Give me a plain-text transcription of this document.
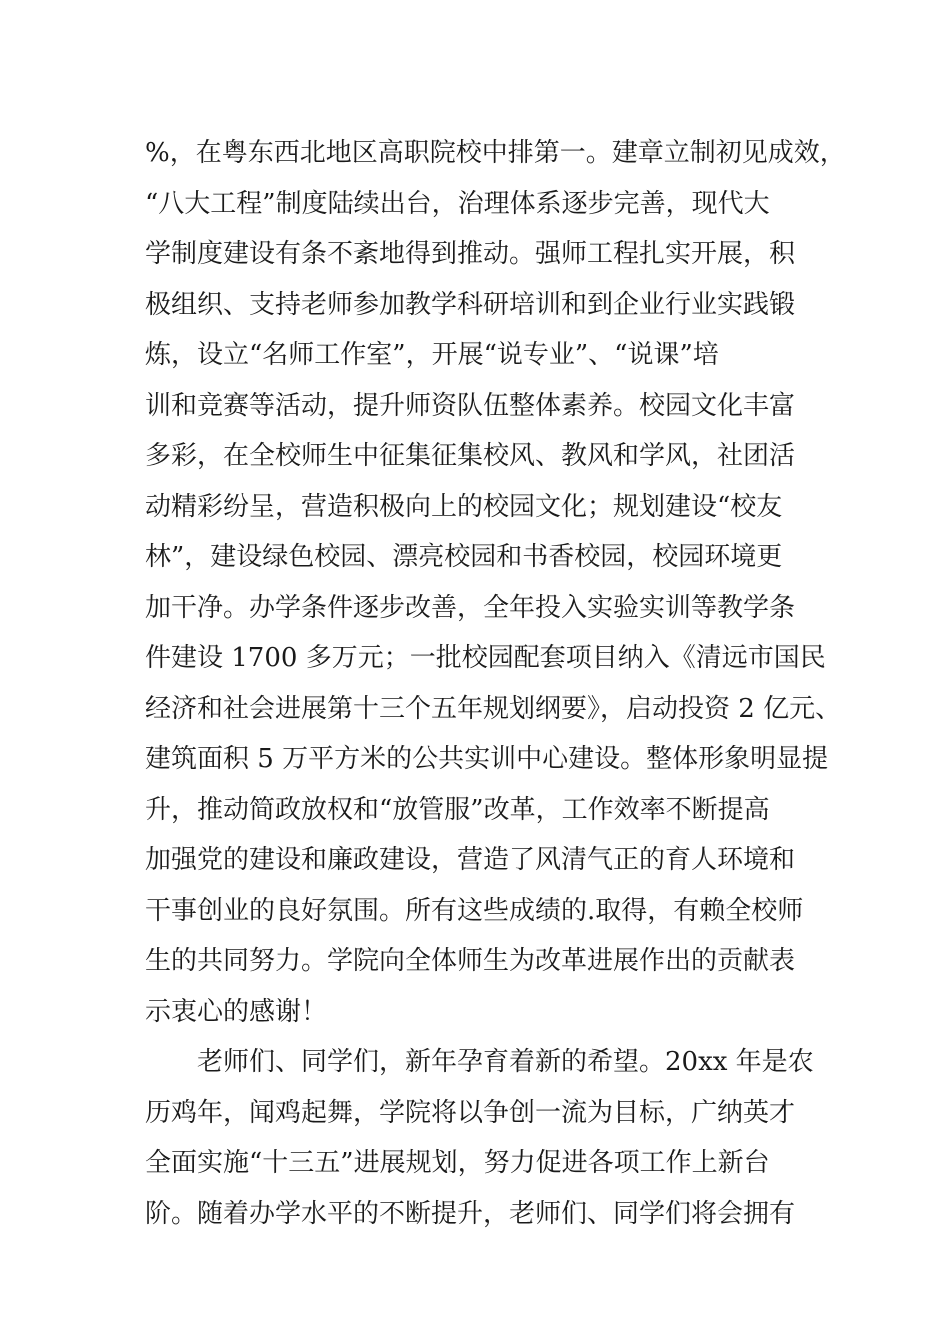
%，在粤东西北地区高职院校中排第一。建章立制初见成效，
“八大工程”制度陆续出台，治理体系逐步完善，现代大
学制度建设有条不紊地得到推动。强师工程扎实开展，积
极组织、支持老师参加教学科研培训和到企业行业实践锻
炼，设立“名师工作室”，开展“说专业”、“说课”培
训和竞赛等活动，提升师资队伍整体素养。校园文化丰富
多彩，在全校师生中征集征集校风、教风和学风，社团活
动精彩纷呈，营造积极向上的校园文化；规划建设“校友
林”，建设绿色校园、漂亮校园和书香校园，校园环境更
加干净。办学条件逐步改善，全年投入实验实训等教学条
件建设 1700 多万元；一批校园配套项目纳入《清远市国民
经济和社会进展第十三个五年规划纲要》，启动投资 2 亿元、
建筑面积 5 万平方米的公共实训中心建设。整体形象明显提
升，推动简政放权和“放管服”改革，工作效率不断提高
加强党的建设和廉政建设，营造了风清气正的育人环境和
干事创业的良好氛围。所有这些成绩的.取得，有赖全校师
生的共同努力。学院向全体师生为改革进展作出的贡献表
示衷心的感谢！
老师们、同学们，新年孕育着新的希望。20xx 年是农
历鸡年，闻鸡起舞，学院将以争创一流为目标，广纳英才
全面实施“十三五”进展规划，努力促进各项工作上新台
阶。随着办学水平的不断提升，老师们、同学们将会拥有
